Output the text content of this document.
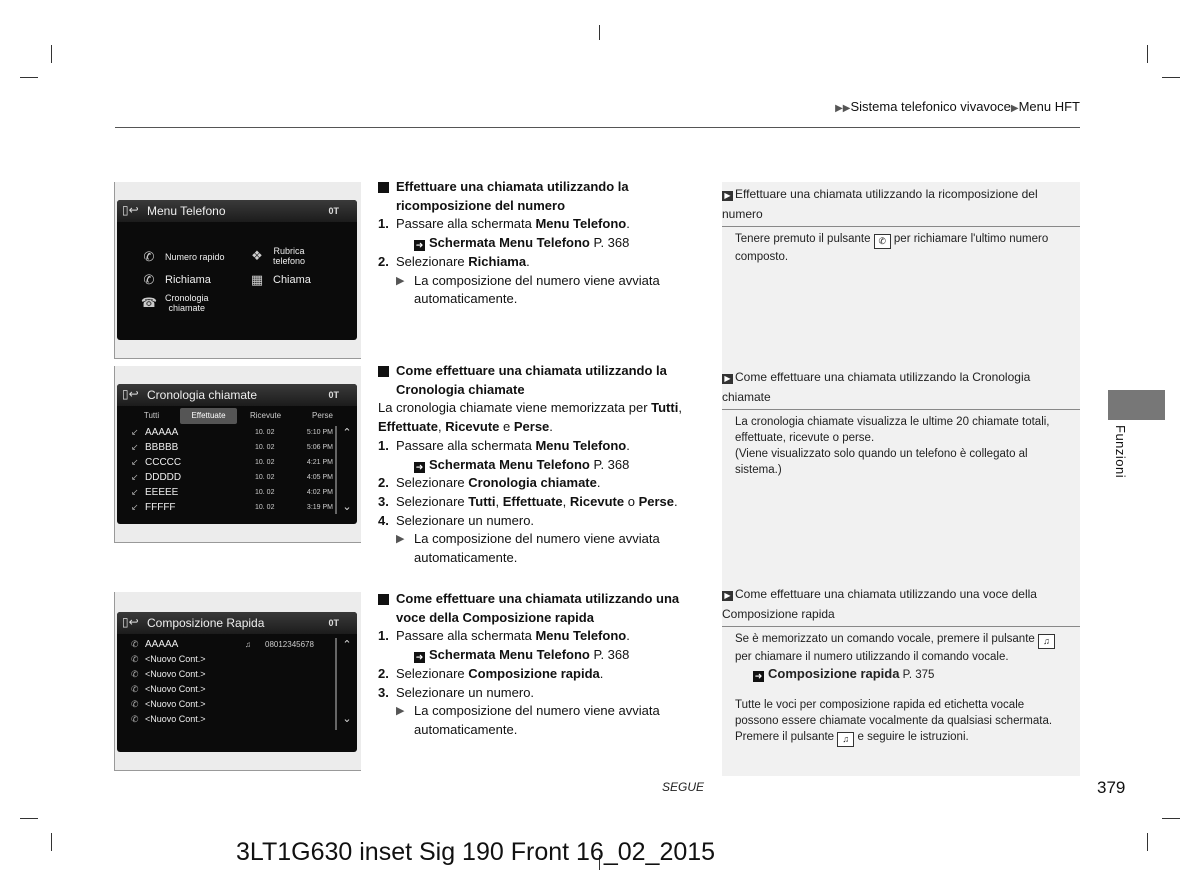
▶▶Sistema telefonico vivavoce▶Menu HFT
Menu Telefono
▯↩	0T
✆	Numero rapido	❖	Rubrica
telefono
✆ Richiama	▦ Chiama
☎ Cronologia
chiamate
Cronologia chiamate
▯↩	0T
Tutti	Effettuate	Ricevute	Perse
↙ AAAAA	10. 02	5:10 PM
↙ BBBBB	10. 02	5:06 PM
↙ CCCCC	10. 02	4:21 PM
↙ DDDDD	10. 02	4:05 PM
↙ EEEEE	10. 02	4:02 PM
↙ FFFFF	10. 02	3:19 PM
⌃
⌄
Composizione Rapida
▯↩	0T
✆ AAAAA	♫	08012345678
✆ <Nuovo Cont.>
✆ <Nuovo Cont.>
✆ <Nuovo Cont.>
✆ <Nuovo Cont.>
✆ <Nuovo Cont.>
⌃
⌄
Effettuare una chiamata utilizzando la ricomposizione del numero
1. Passare alla schermata Menu Telefono.
➜ Schermata Menu Telefono P. 368
2. Selezionare Richiama.
▶ La composizione del numero viene avviata automaticamente.
Come effettuare una chiamata utilizzando la Cronologia chiamate

La cronologia chiamate viene memorizzata per Tutti, Effettuate, Ricevute e Perse.

1. Passare alla schermata Menu Telefono.
➜ Schermata Menu Telefono P. 368
2. Selezionare Cronologia chiamate.
3. Selezionare Tutti, Effettuate, Ricevute o Perse.
4. Selezionare un numero.
▶ La composizione del numero viene avviata automaticamente.
Come effettuare una chiamata utilizzando una voce della Composizione rapida
1. Passare alla schermata Menu Telefono.
➜ Schermata Menu Telefono P. 368
2. Selezionare Composizione rapida.
3. Selezionare un numero.
▶ La composizione del numero viene avviata automaticamente.
▶ Effettuare una chiamata utilizzando la ricomposizione del numero

Tenere premuto il pulsante ✆ per richiamare l'ultimo numero composto.

▶ Come effettuare una chiamata utilizzando la Cronologia chiamate

La cronologia chiamate visualizza le ultime 20 chiamate totali, effettuate, ricevute o perse.

(Viene visualizzato solo quando un telefono è collegato al sistema.)

▶ Come effettuare una chiamata utilizzando una voce della Composizione rapida

Se è memorizzato un comando vocale, premere il pulsante ♫ per chiamare il numero utilizzando il comando vocale.

➜ Composizione rapida P. 375

Tutte le voci per composizione rapida ed etichetta vocale possono essere chiamate vocalmente da qualsiasi schermata. Premere il pulsante ♫ e seguire le istruzioni.

Funzioni
SEGUE	379
3LT1G630 inset Sig 190 Front 16_02_2015
